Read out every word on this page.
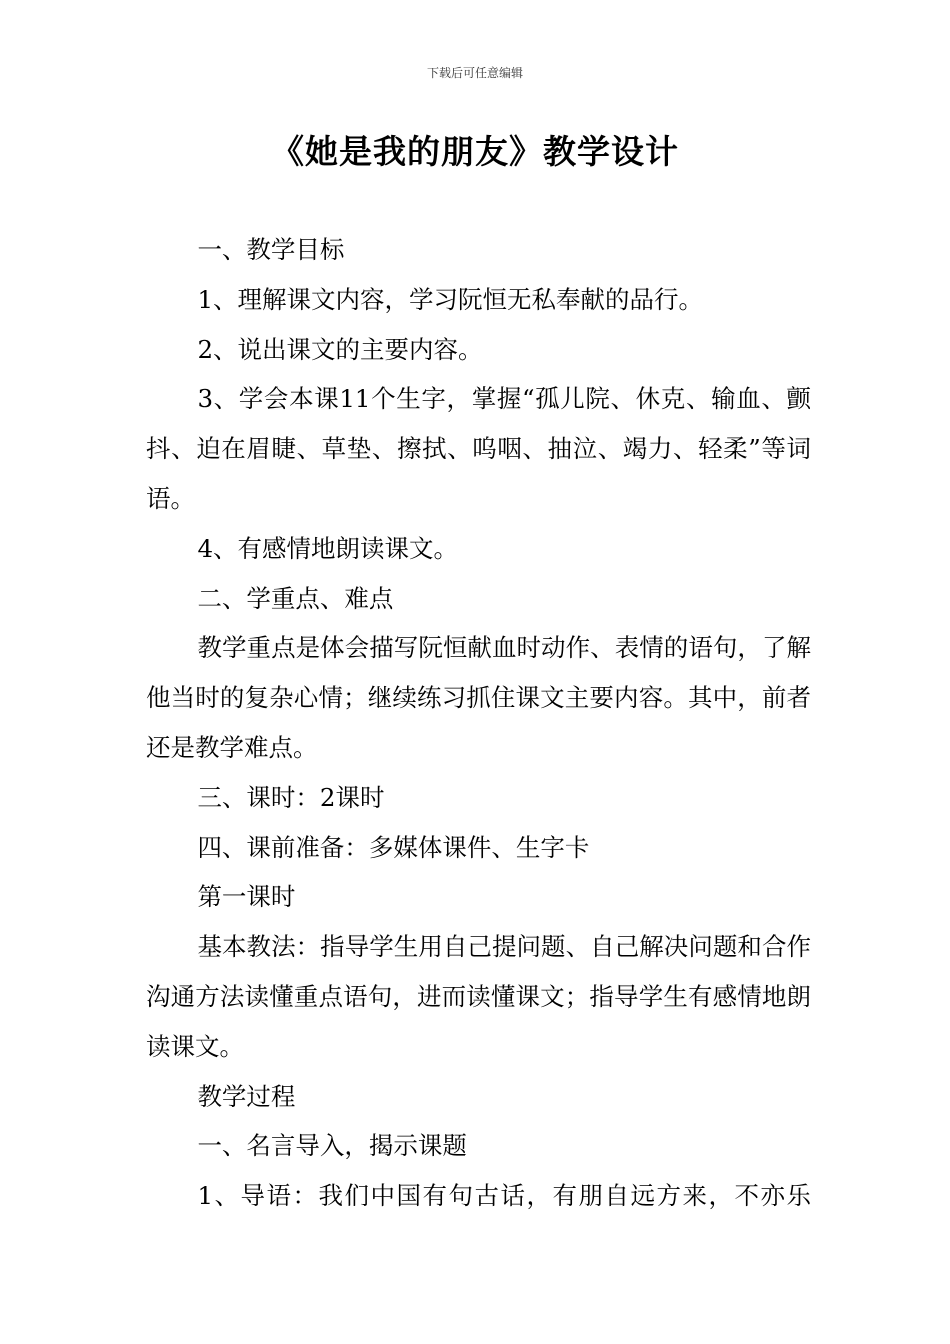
下载后可任意编辑
《她是我的朋友》教学设计

一、教学目标

1、理解课文内容，学习阮恒无私奉献的品行。

2、说出课文的主要内容。

3、学会本课11个生字，掌握“孤儿院、休克、输血、颤抖、迫在眉睫、草垫、擦拭、呜咽、抽泣、竭力、轻柔”等词语。

4、有感情地朗读课文。

二、学重点、难点

教学重点是体会描写阮恒献血时动作、表情的语句，了解他当时的复杂心情；继续练习抓住课文主要内容。其中，前者还是教学难点。

三、课时：2课时

四、课前准备：多媒体课件、生字卡

第一课时

基本教法：指导学生用自己提问题、自己解决问题和合作沟通方法读懂重点语句，进而读懂课文；指导学生有感情地朗读课文。

教学过程

一、名言导入，揭示课题

1、导语：我们中国有句古话，有朋自远方来，不亦乐
